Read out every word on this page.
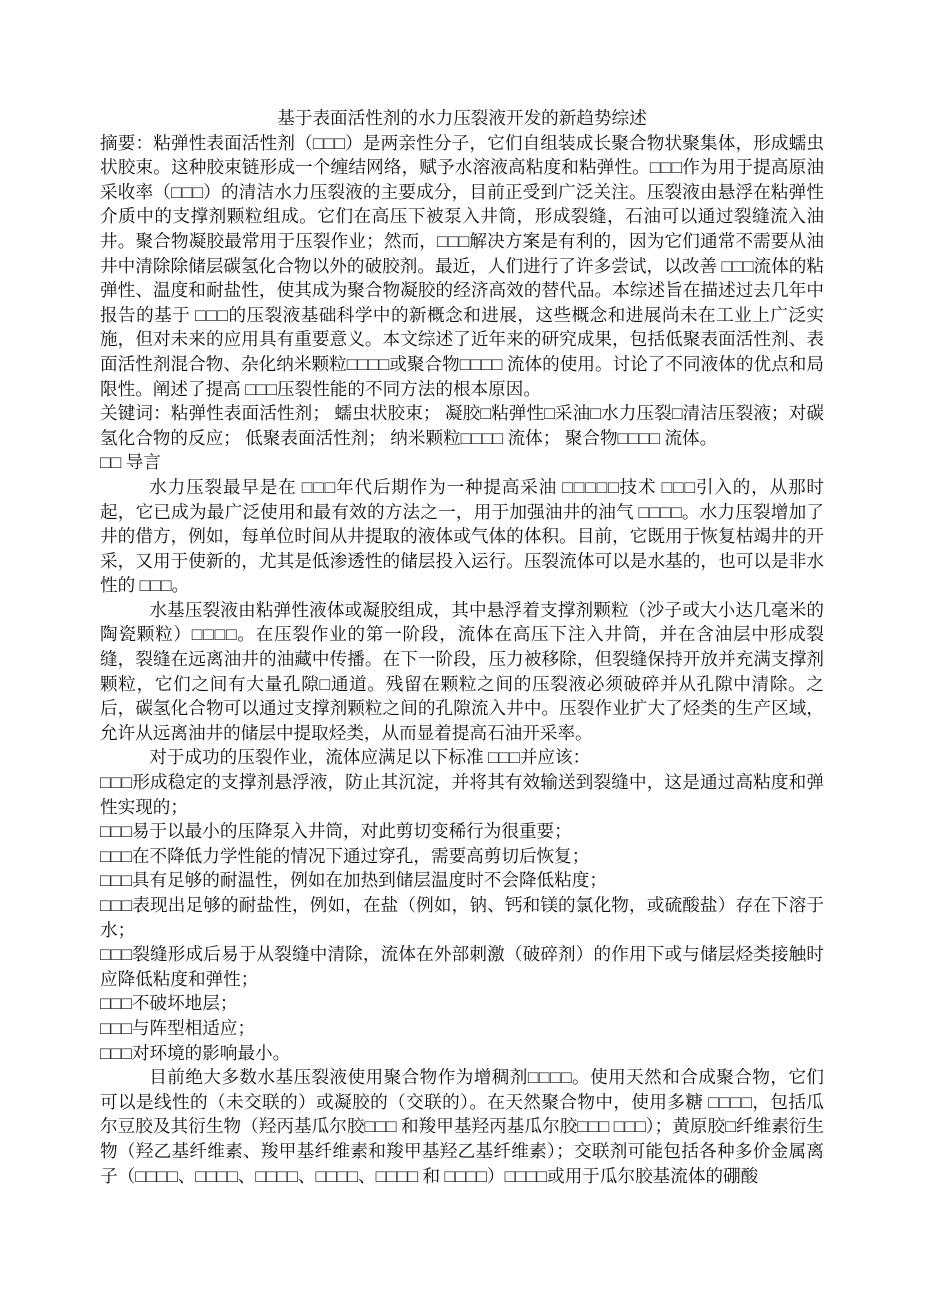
基于表面活性剂的水力压裂液开发的新趋势综述

摘要：粘弹性表面活性剂（□□□）是两亲性分子，它们自组装成长聚合物状聚集体，形成蠕虫状胶束。这种胶束链形成一个缠结网络，赋予水溶液高粘度和粘弹性。□□□作为用于提高原油采收率（□□□）的清洁水力压裂液的主要成分，目前正受到广泛关注。压裂液由悬浮在粘弹性介质中的支撑剂颗粒组成。它们在高压下被泵入井筒，形成裂缝，石油可以通过裂缝流入油井。聚合物凝胶最常用于压裂作业；然而，□□□解决方案是有利的，因为它们通常不需要从油井中清除除储层碳氢化合物以外的破胶剂。最近，人们进行了许多尝试，以改善 □□□流体的粘弹性、温度和耐盐性，使其成为聚合物凝胶的经济高效的替代品。本综述旨在描述过去几年中报告的基于 □□□的压裂液基础科学中的新概念和进展，这些概念和进展尚未在工业上广泛实施，但对未来的应用具有重要意义。本文综述了近年来的研究成果，包括低聚表面活性剂、表面活性剂混合物、杂化纳米颗粒□□□□或聚合物□□□□ 流体的使用。讨论了不同液体的优点和局限性。阐述了提高 □□□压裂性能的不同方法的根本原因。

关键词：粘弹性表面活性剂； 蠕虫状胶束； 凝胶□粘弹性□采油□水力压裂□清洁压裂液；对碳氢化合物的反应； 低聚表面活性剂； 纳米颗粒□□□□ 流体； 聚合物□□□□ 流体。

□□ 导言

水力压裂最早是在 □□□年代后期作为一种提高采油 □□□□□技术 □□□引入的，从那时起，它已成为最广泛使用和最有效的方法之一，用于加强油井的油气 □□□□。水力压裂增加了井的借方，例如，每单位时间从井提取的液体或气体的体积。目前，它既用于恢复枯竭井的开采，又用于使新的，尤其是低渗透性的储层投入运行。压裂流体可以是水基的，也可以是非水性的 □□□。

水基压裂液由粘弹性液体或凝胶组成，其中悬浮着支撑剂颗粒（沙子或大小达几毫米的陶瓷颗粒）□□□□。在压裂作业的第一阶段，流体在高压下注入井筒，并在含油层中形成裂缝，裂缝在远离油井的油藏中传播。在下一阶段，压力被移除，但裂缝保持开放并充满支撑剂颗粒，它们之间有大量孔隙□通道。残留在颗粒之间的压裂液必须破碎并从孔隙中清除。之后，碳氢化合物可以通过支撑剂颗粒之间的孔隙流入井中。压裂作业扩大了烃类的生产区域，允许从远离油井的储层中提取烃类，从而显着提高石油开采率。

对于成功的压裂作业，流体应满足以下标准 □□□并应该：

□□□形成稳定的支撑剂悬浮液，防止其沉淀，并将其有效输送到裂缝中，这是通过高粘度和弹性实现的；

□□□易于以最小的压降泵入井筒，对此剪切变稀行为很重要；

□□□在不降低力学性能的情况下通过穿孔，需要高剪切后恢复；

□□□具有足够的耐温性，例如在加热到储层温度时不会降低粘度；

□□□表现出足够的耐盐性，例如，在盐（例如，钠、钙和镁的氯化物，或硫酸盐）存在下溶于水；

□□□裂缝形成后易于从裂缝中清除，流体在外部刺激（破碎剂）的作用下或与储层烃类接触时应降低粘度和弹性；

□□□不破坏地层；

□□□与阵型相适应；

□□□对环境的影响最小。

目前绝大多数水基压裂液使用聚合物作为增稠剂□□□□。使用天然和合成聚合物，它们可以是线性的（未交联的）或凝胶的（交联的）。在天然聚合物中，使用多糖 □□□□，包括瓜尔豆胶及其衍生物（羟丙基瓜尔胶□□□ 和羧甲基羟丙基瓜尔胶□□□ □□□）；黄原胶□纤维素衍生物（羟乙基纤维素、羧甲基纤维素和羧甲基羟乙基纤维素）；交联剂可能包括各种多价金属离子（□□□□、□□□□、□□□□、□□□□、□□□□ 和 □□□□）□□□□或用于瓜尔胶基流体的硼酸
